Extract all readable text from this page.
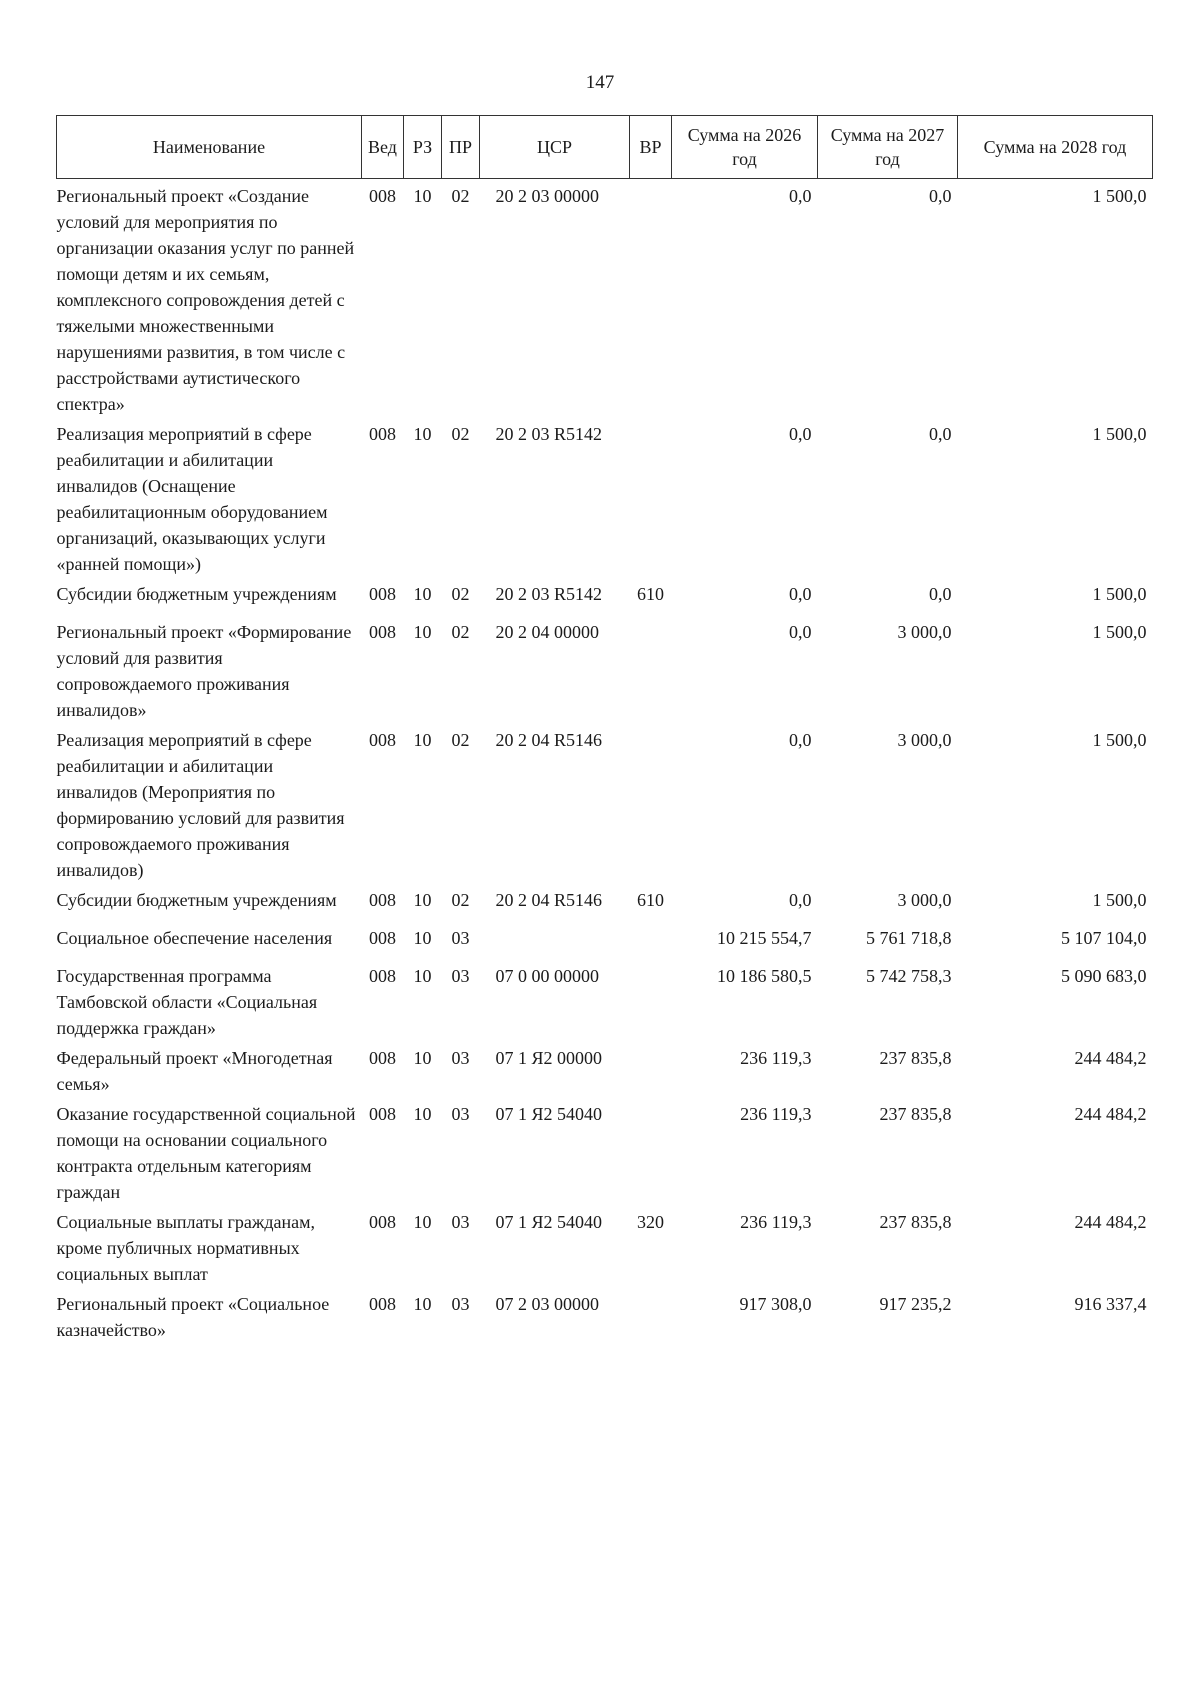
147
Наименование	Вед	РЗ	ПР	ЦСР	ВР	Сумма на 2026 год	Сумма на 2027 год	Сумма на 2028 год
Региональный проект «Создание условий для мероприятия по организации оказания услуг по ранней помощи детям и их семьям, комплексного сопровождения детей с тяжелыми множественными нарушениями развития, в том числе с расстройствами аутистического спектра»	008	10	02	20 2 03 00000		0,0	0,0	1 500,0
Реализация мероприятий в сфере реабилитации и абилитации инвалидов (Оснащение реабилитационным оборудованием организаций, оказывающих услуги «ранней помощи»)	008	10	02	20 2 03 R5142		0,0	0,0	1 500,0
Субсидии бюджетным учреждениям	008	10	02	20 2 03 R5142	610	0,0	0,0	1 500,0
Региональный проект «Формирование условий для развития сопровождаемого проживания инвалидов»	008	10	02	20 2 04 00000		0,0	3 000,0	1 500,0
Реализация мероприятий в сфере реабилитации и абилитации инвалидов (Мероприятия по формированию условий для развития сопровождаемого проживания инвалидов)	008	10	02	20 2 04 R5146		0,0	3 000,0	1 500,0
Субсидии бюджетным учреждениям	008	10	02	20 2 04 R5146	610	0,0	3 000,0	1 500,0
Социальное обеспечение населения	008	10	03			10 215 554,7	5 761 718,8	5 107 104,0
Государственная программа Тамбовской области «Социальная поддержка граждан»	008	10	03	07 0 00 00000		10 186 580,5	5 742 758,3	5 090 683,0
Федеральный проект «Многодетная семья»	008	10	03	07 1 Я2 00000		236 119,3	237 835,8	244 484,2
Оказание государственной социальной помощи на основании социального контракта отдельным категориям граждан	008	10	03	07 1 Я2 54040		236 119,3	237 835,8	244 484,2
Социальные выплаты гражданам, кроме публичных нормативных социальных выплат	008	10	03	07 1 Я2 54040	320	236 119,3	237 835,8	244 484,2
Региональный проект «Социальное казначейство»	008	10	03	07 2 03 00000		917 308,0	917 235,2	916 337,4
